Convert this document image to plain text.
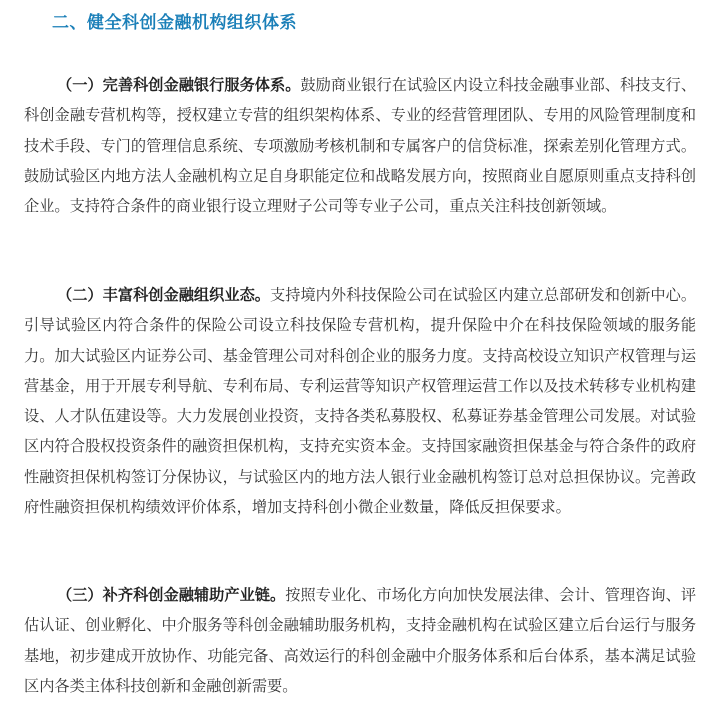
二、健全科创金融机构组织体系

（一）完善科创金融银行服务体系。鼓励商业银行在试验区内设立科技金融事业部、科技支行、科创金融专营机构等，授权建立专营的组织架构体系、专业的经营管理团队、专用的风险管理制度和技术手段、专门的管理信息系统、专项激励考核机制和专属客户的信贷标准，探索差别化管理方式。鼓励试验区内地方法人金融机构立足自身职能定位和战略发展方向，按照商业自愿原则重点支持科创企业。支持符合条件的商业银行设立理财子公司等专业子公司，重点关注科技创新领域。

（二）丰富科创金融组织业态。支持境内外科技保险公司在试验区内建立总部研发和创新中心。引导试验区内符合条件的保险公司设立科技保险专营机构，提升保险中介在科技保险领域的服务能力。加大试验区内证券公司、基金管理公司对科创企业的服务力度。支持高校设立知识产权管理与运营基金，用于开展专利导航、专利布局、专利运营等知识产权管理运营工作以及技术转移专业机构建设、人才队伍建设等。大力发展创业投资，支持各类私募股权、私募证券基金管理公司发展。对试验区内符合股权投资条件的融资担保机构，支持充实资本金。支持国家融资担保基金与符合条件的政府性融资担保机构签订分保协议，与试验区内的地方法人银行业金融机构签订总对总担保协议。完善政府性融资担保机构绩效评价体系，增加支持科创小微企业数量，降低反担保要求。

（三）补齐科创金融辅助产业链。按照专业化、市场化方向加快发展法律、会计、管理咨询、评估认证、创业孵化、中介服务等科创金融辅助服务机构，支持金融机构在试验区建立后台运行与服务基地，初步建成开放协作、功能完备、高效运行的科创金融中介服务体系和后台体系，基本满足试验区内各类主体科技创新和金融创新需要。
